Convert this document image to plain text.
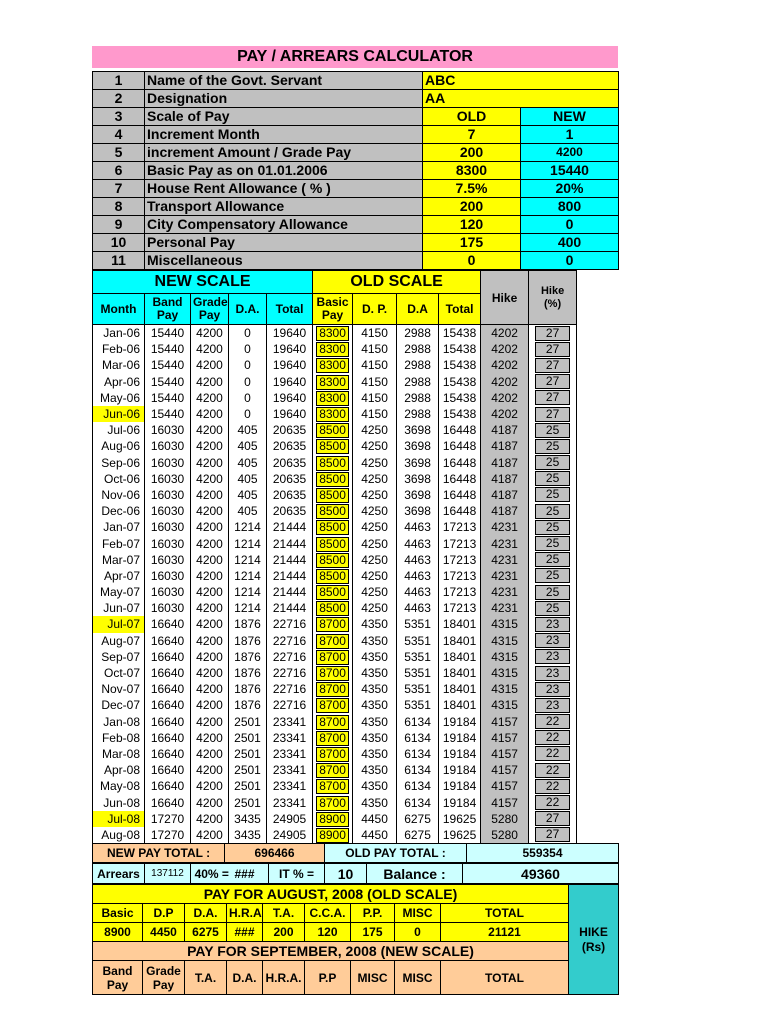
PAY / ARREARS CALCULATOR
1	Name of the Govt. Servant	ABC	
2	Designation	AA	
3	Scale of Pay	OLD	NEW
4	Increment Month	7	1
5	increment Amount / Grade Pay	200	4200
6	Basic Pay as on 01.01.2006	8300	15440
7	House Rent Allowance ( % )	7.5%	20%
8	Transport Allowance	200	800
9	City Compensatory Allowance	120	0
10	Personal Pay	175	400
11	Miscellaneous	0	0
NEW SCALE					OLD SCALE				Hike	Hike (%)
Month	Band Pay	Grade Pay	D.A.	Total	Basic Pay	D. P.	D.A	Total		
Jan-06	15440	4200	0	19640	8300	4150	2988	15438	4202	27

Feb-06	15440	4200	0	19640	8300	4150	2988	15438	4202	27

Mar-06	15440	4200	0	19640	8300	4150	2988	15438	4202	27

Apr-06	15440	4200	0	19640	8300	4150	2988	15438	4202	27

May-06	15440	4200	0	19640	8300	4150	2988	15438	4202	27

Jun-06	15440	4200	0	19640	8300	4150	2988	15438	4202	27

Jul-06	16030	4200	405	20635	8500	4250	3698	16448	4187	25

Aug-06	16030	4200	405	20635	8500	4250	3698	16448	4187	25

Sep-06	16030	4200	405	20635	8500	4250	3698	16448	4187	25

Oct-06	16030	4200	405	20635	8500	4250	3698	16448	4187	25

Nov-06	16030	4200	405	20635	8500	4250	3698	16448	4187	25

Dec-06	16030	4200	405	20635	8500	4250	3698	16448	4187	25

Jan-07	16030	4200	1214	21444	8500	4250	4463	17213	4231	25

Feb-07	16030	4200	1214	21444	8500	4250	4463	17213	4231	25

Mar-07	16030	4200	1214	21444	8500	4250	4463	17213	4231	25

Apr-07	16030	4200	1214	21444	8500	4250	4463	17213	4231	25

May-07	16030	4200	1214	21444	8500	4250	4463	17213	4231	25

Jun-07	16030	4200	1214	21444	8500	4250	4463	17213	4231	25

Jul-07	16640	4200	1876	22716	8700	4350	5351	18401	4315	23

Aug-07	16640	4200	1876	22716	8700	4350	5351	18401	4315	23

Sep-07	16640	4200	1876	22716	8700	4350	5351	18401	4315	23

Oct-07	16640	4200	1876	22716	8700	4350	5351	18401	4315	23

Nov-07	16640	4200	1876	22716	8700	4350	5351	18401	4315	23

Dec-07	16640	4200	1876	22716	8700	4350	5351	18401	4315	23

Jan-08	16640	4200	2501	23341	8700	4350	6134	19184	4157	22

Feb-08	16640	4200	2501	23341	8700	4350	6134	19184	4157	22

Mar-08	16640	4200	2501	23341	8700	4350	6134	19184	4157	22

Apr-08	16640	4200	2501	23341	8700	4350	6134	19184	4157	22

May-08	16640	4200	2501	23341	8700	4350	6134	19184	4157	22

Jun-08	16640	4200	2501	23341	8700	4350	6134	19184	4157	22

Jul-08	17270	4200	3435	24905	8900	4450	6275	19625	5280	27

Aug-08	17270	4200	3435	24905	8900	4450	6275	19625	5280	27
NEW PAY TOTAL :	696466	OLD PAY TOTAL :	559354
Arrears	137112	40% =	###	IT % =	10	Balance :	49360
PAY FOR AUGUST, 2008 (OLD SCALE)									HIKE (Rs)
Basic	D.P	D.A.	H.R.A	T.A.	C.C.A.	P.P.	MISC	TOTAL	
8900	4450	6275	###	200	120	175	0	21121	
PAY FOR SEPTEMBER, 2008 (NEW SCALE)									
Band Pay	Grade Pay	T.A.	D.A.	H.R.A.	P.P	MISC	MISC	TOTAL	
